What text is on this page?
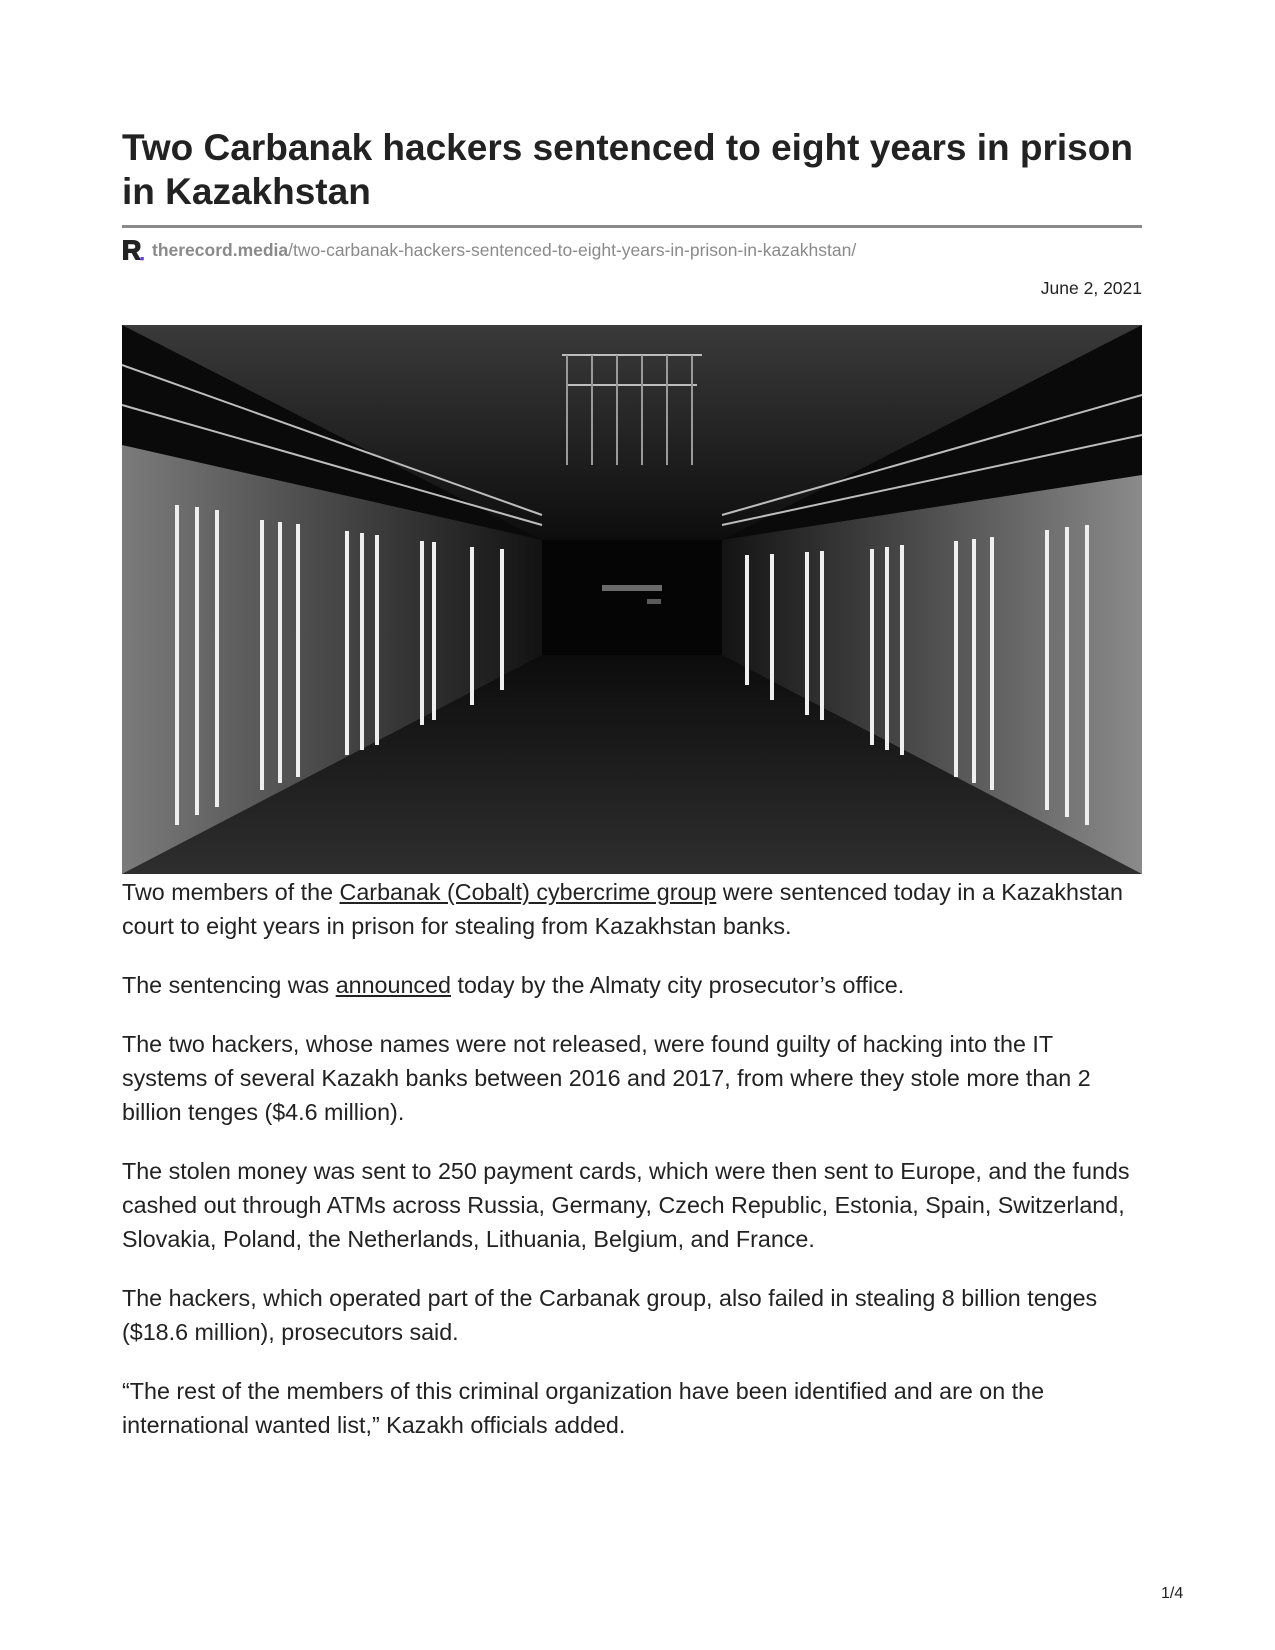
Two Carbanak hackers sentenced to eight years in prison in Kazakhstan
therecord.media /two-carbanak-hackers-sentenced-to-eight-years-in-prison-in-kazakhstan/
June 2, 2021

Two members of the Carbanak (Cobalt) cybercrime group were sentenced today in a Kazakhstan court to eight years in prison for stealing from Kazakhstan banks.

The sentencing was announced today by the Almaty city prosecutor’s office.

The two hackers, whose names were not released, were found guilty of hacking into the IT systems of several Kazakh banks between 2016 and 2017, from where they stole more than 2 billion tenges ($4.6 million).

The stolen money was sent to 250 payment cards, which were then sent to Europe, and the funds cashed out through ATMs across Russia, Germany, Czech Republic, Estonia, Spain, Switzerland, Slovakia, Poland, the Netherlands, Lithuania, Belgium, and France.

The hackers, which operated part of the Carbanak group, also failed in stealing 8 billion tenges ($18.6 million), prosecutors said.

“The rest of the members of this criminal organization have been identified and are on the international wanted list,” Kazakh officials added.

1/4
